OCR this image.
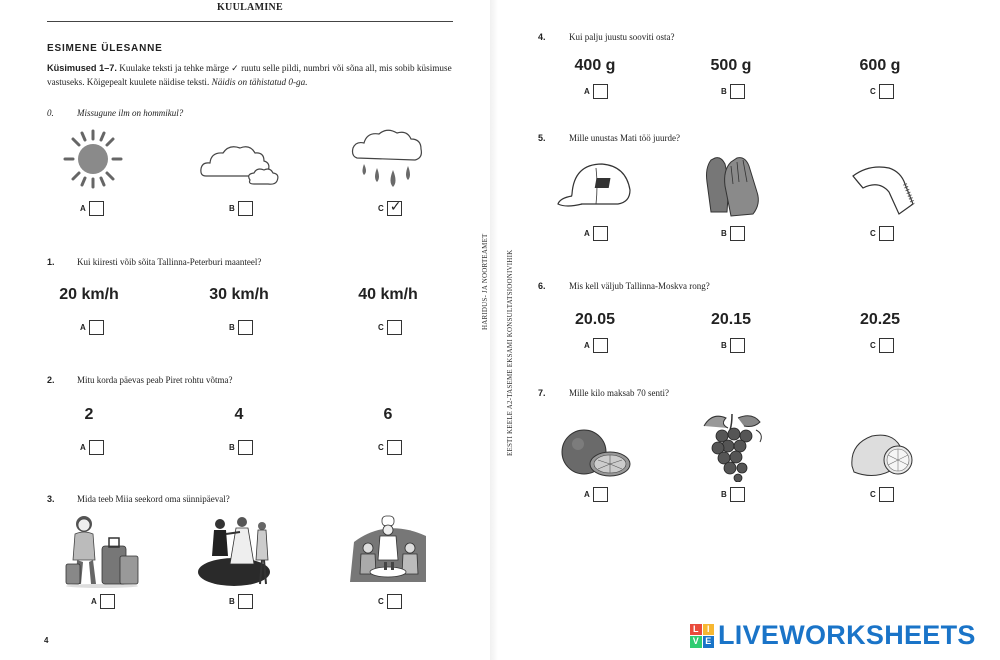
KUULAMINE
ESIMENE ÜLESANNE
Küsimused 1–7. Kuulake teksti ja tehke märge ✓ ruutu selle pildi, numbri või sõna all, mis sobib küsimuse vastuseks. Kõigepealt kuulete näidise teksti. Näidis on tähistatud 0-ga.
0.	Missugune ilm on hommikul?
A	B	C
✓
1. Kui kiiresti võib sõita Tallinna-Peterburi maanteel?
20 km/h	30 km/h	40 km/h
A	B	C
2. Mitu korda päevas peab Piret rohtu võtma?
2	4	6
A	B	C
3. Mida teeb Miia seekord oma sünnipäeval?
A	B	C
4
HARIDUS- JA NOORTEAMET EESTI KEELE A2-TASEME EKSAMI KONSULTATSIOONIVIHIK
4.	Kui palju juustu sooviti osta?
400 g	500 g	600 g
A	B	C
5.	Mille unustas Mati töö juurde?
A	B	C
6.	Mis kell väljub Tallinna-Moskva rong?
20.05	20.15	20.25
A	B	C
7.	Mille kilo maksab 70 senti?
A	B	C
L I
V E LIVEWORKSHEETS
